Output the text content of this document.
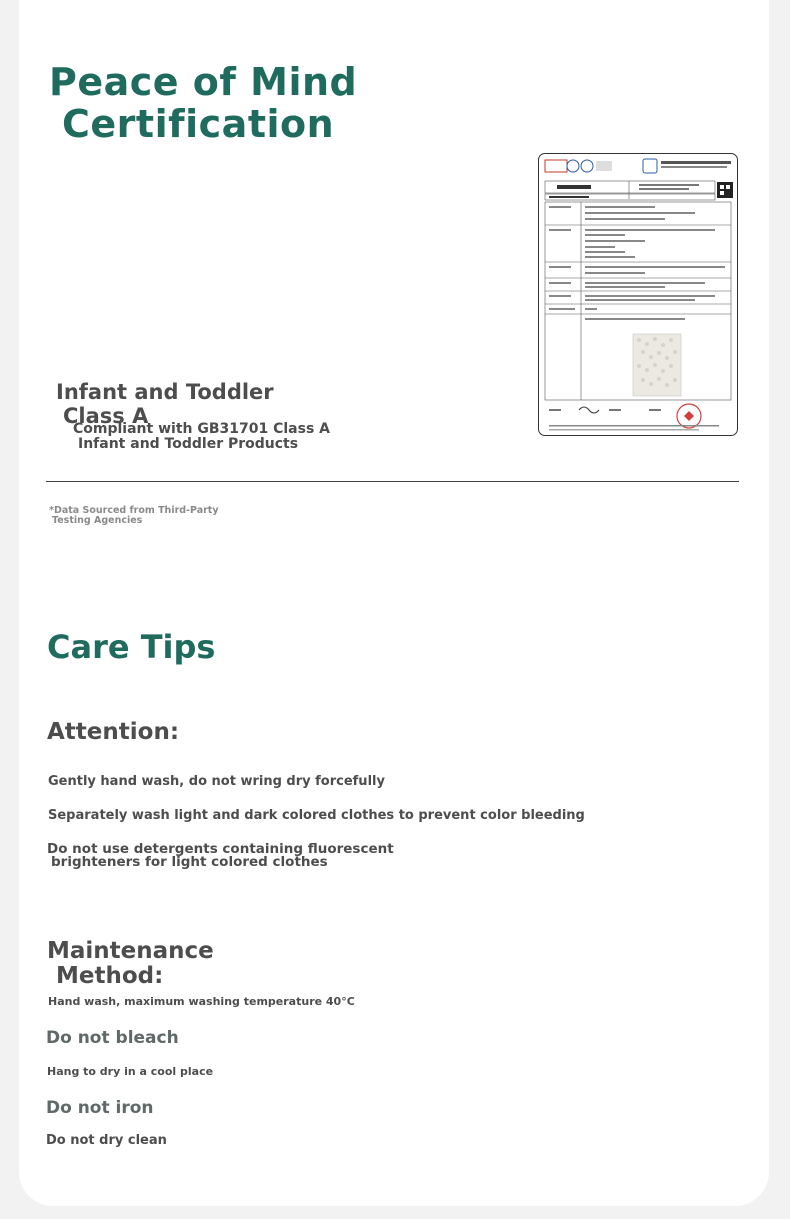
Peace of Mind
Certification
Infant and Toddler
Class A
Compliant with GB31701 Class A
Infant and Toddler Products
*Data Sourced from Third-Party
Testing Agencies
Care Tips
Attention:
Gently hand wash, do not wring dry forcefully
Separately wash light and dark colored clothes to prevent color bleeding
Do not use detergents containing fluorescent
brighteners for light colored clothes
Maintenance
Method:
Hand wash, maximum washing temperature 40°C
Do not bleach
Hang to dry in a cool place
Do not iron
Do not dry clean
